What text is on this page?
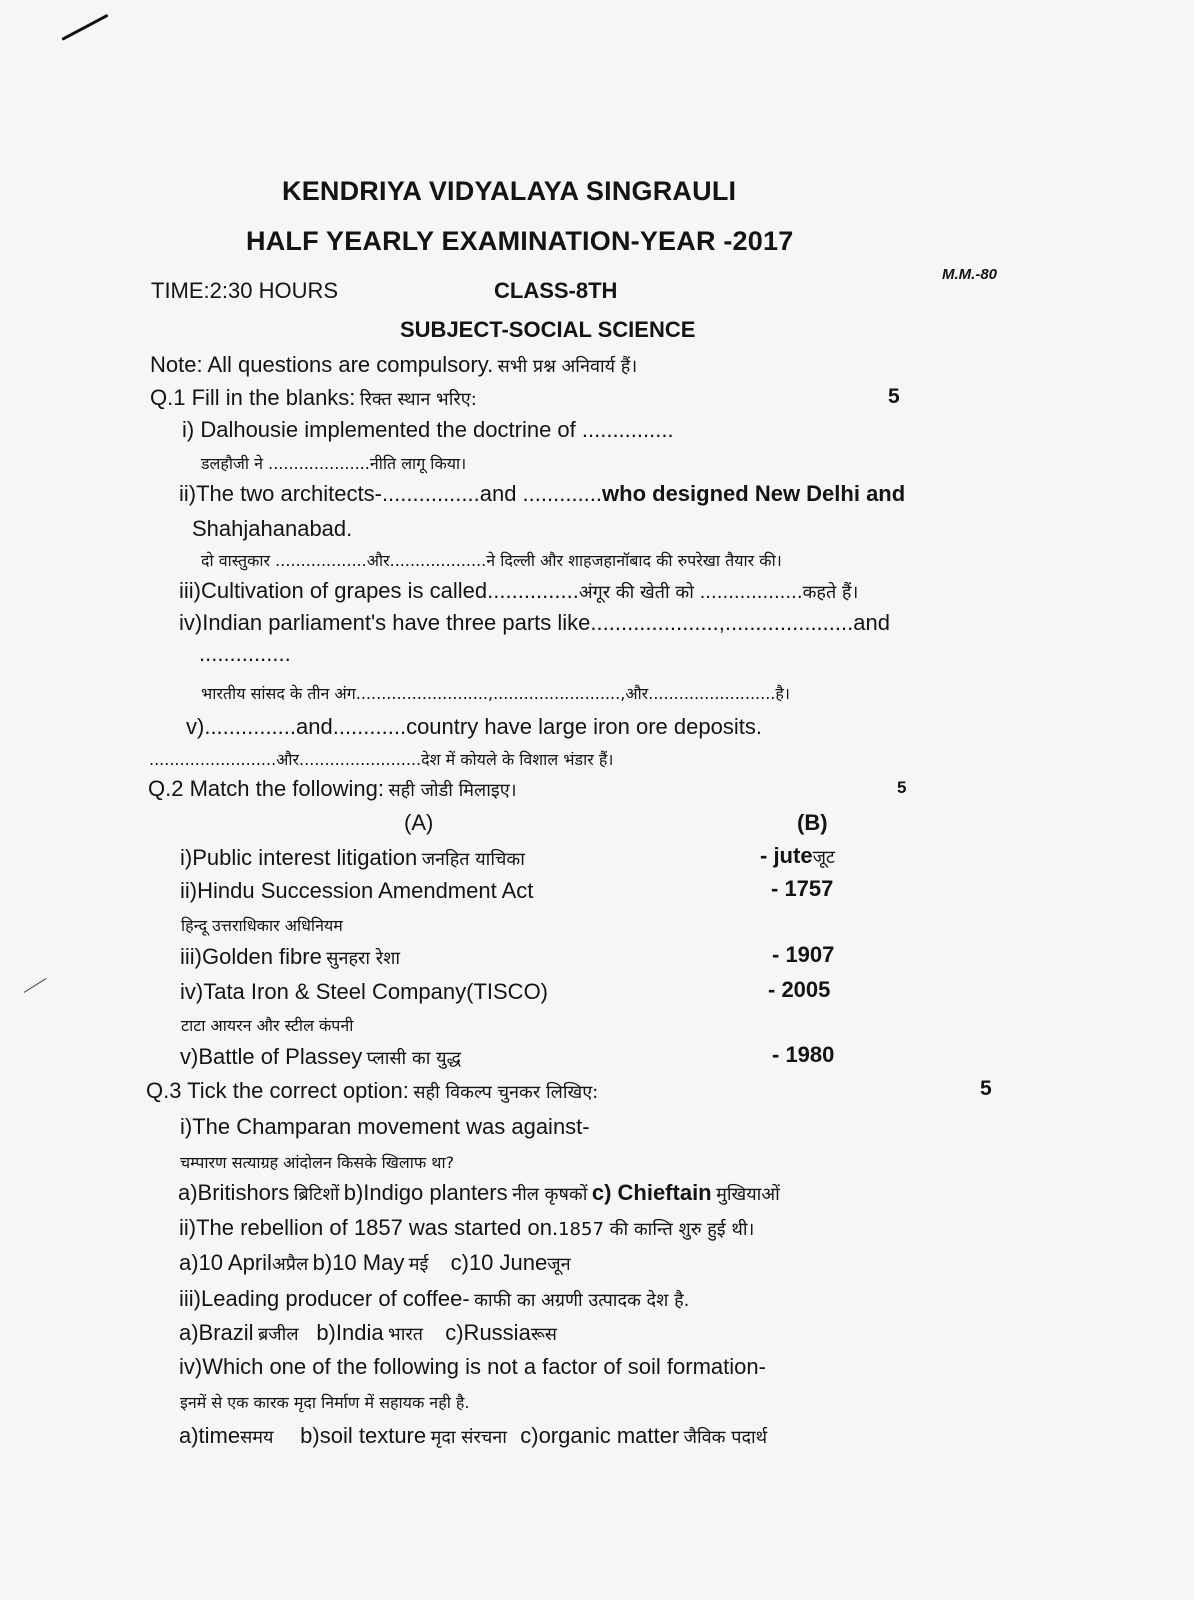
KENDRIYA VIDYALAYA SINGRAULI
HALF YEARLY EXAMINATION-YEAR -2017
TIME:2:30 HOURS	CLASS-8TH
M.M.-80
SUBJECT-SOCIAL SCIENCE
Note: All questions are compulsory. सभी प्रश्न अनिवार्य हैं।
Q.1 Fill in the blanks: रिक्त स्थान भरिए:	5
i) Dalhousie implemented the doctrine of ...............
डलहौजी ने ....................नीति लागू किया।
ii)The two architects-................and .............who designed New Delhi and
Shahjahanabad.
दो वास्तुकार ..................और...................ने दिल्ली और शाहजहानॉबाद की रुपरेखा तैयार की।
iii)Cultivation of grapes is called...............अंगूर की खेती को ..................कहते हैं।
iv)Indian parliament's have three parts like.....................,.....................and
...............
भारतीय सांसद के तीन अंग..........................,.........................,और.........................है।
v)...............and............country have large iron ore deposits.
.........................और........................देश में कोयले के विशाल भंडार हैं।
Q.2 Match the following: सही जोडी मिलाइए।	5
(A)	(B)
i)Public interest litigation जनहित याचिका	- juteजूट
ii)Hindu Succession Amendment Act	- 1757
हिन्दू उत्तराधिकार अधिनियम
iii)Golden fibre सुनहरा रेशा	- 1907
iv)Tata Iron & Steel Company(TISCO)	- 2005
टाटा आयरन और स्टील कंपनी
v)Battle of Plassey प्लासी का युद्ध	- 1980
Q.3 Tick the correct option: सही विकल्प चुनकर लिखिए:	5
i)The Champaran movement was against-
चम्पारण सत्याग्रह आंदोलन किसके खिलाफ था?
a)Britishors ब्रिटिशों b)Indigo planters नील कृषकों c) Chieftain मुखियाओं
ii)The rebellion of 1857 was started on.1857 की कान्ति शुरु हुई थी।
a)10 Aprilअप्रैल b)10 May मई c)10 Juneजून
iii)Leading producer of coffee- काफी का अग्रणी उत्पादक देश है.
a)Brazil ब्रजील b)India भारत c)Russiaरूस
iv)Which one of the following is not a factor of soil formation-
इनमें से एक कारक मृदा निर्माण में सहायक नही है.
a)timeसमय b)soil texture मृदा संरचना c)organic matter जैविक पदार्थ
